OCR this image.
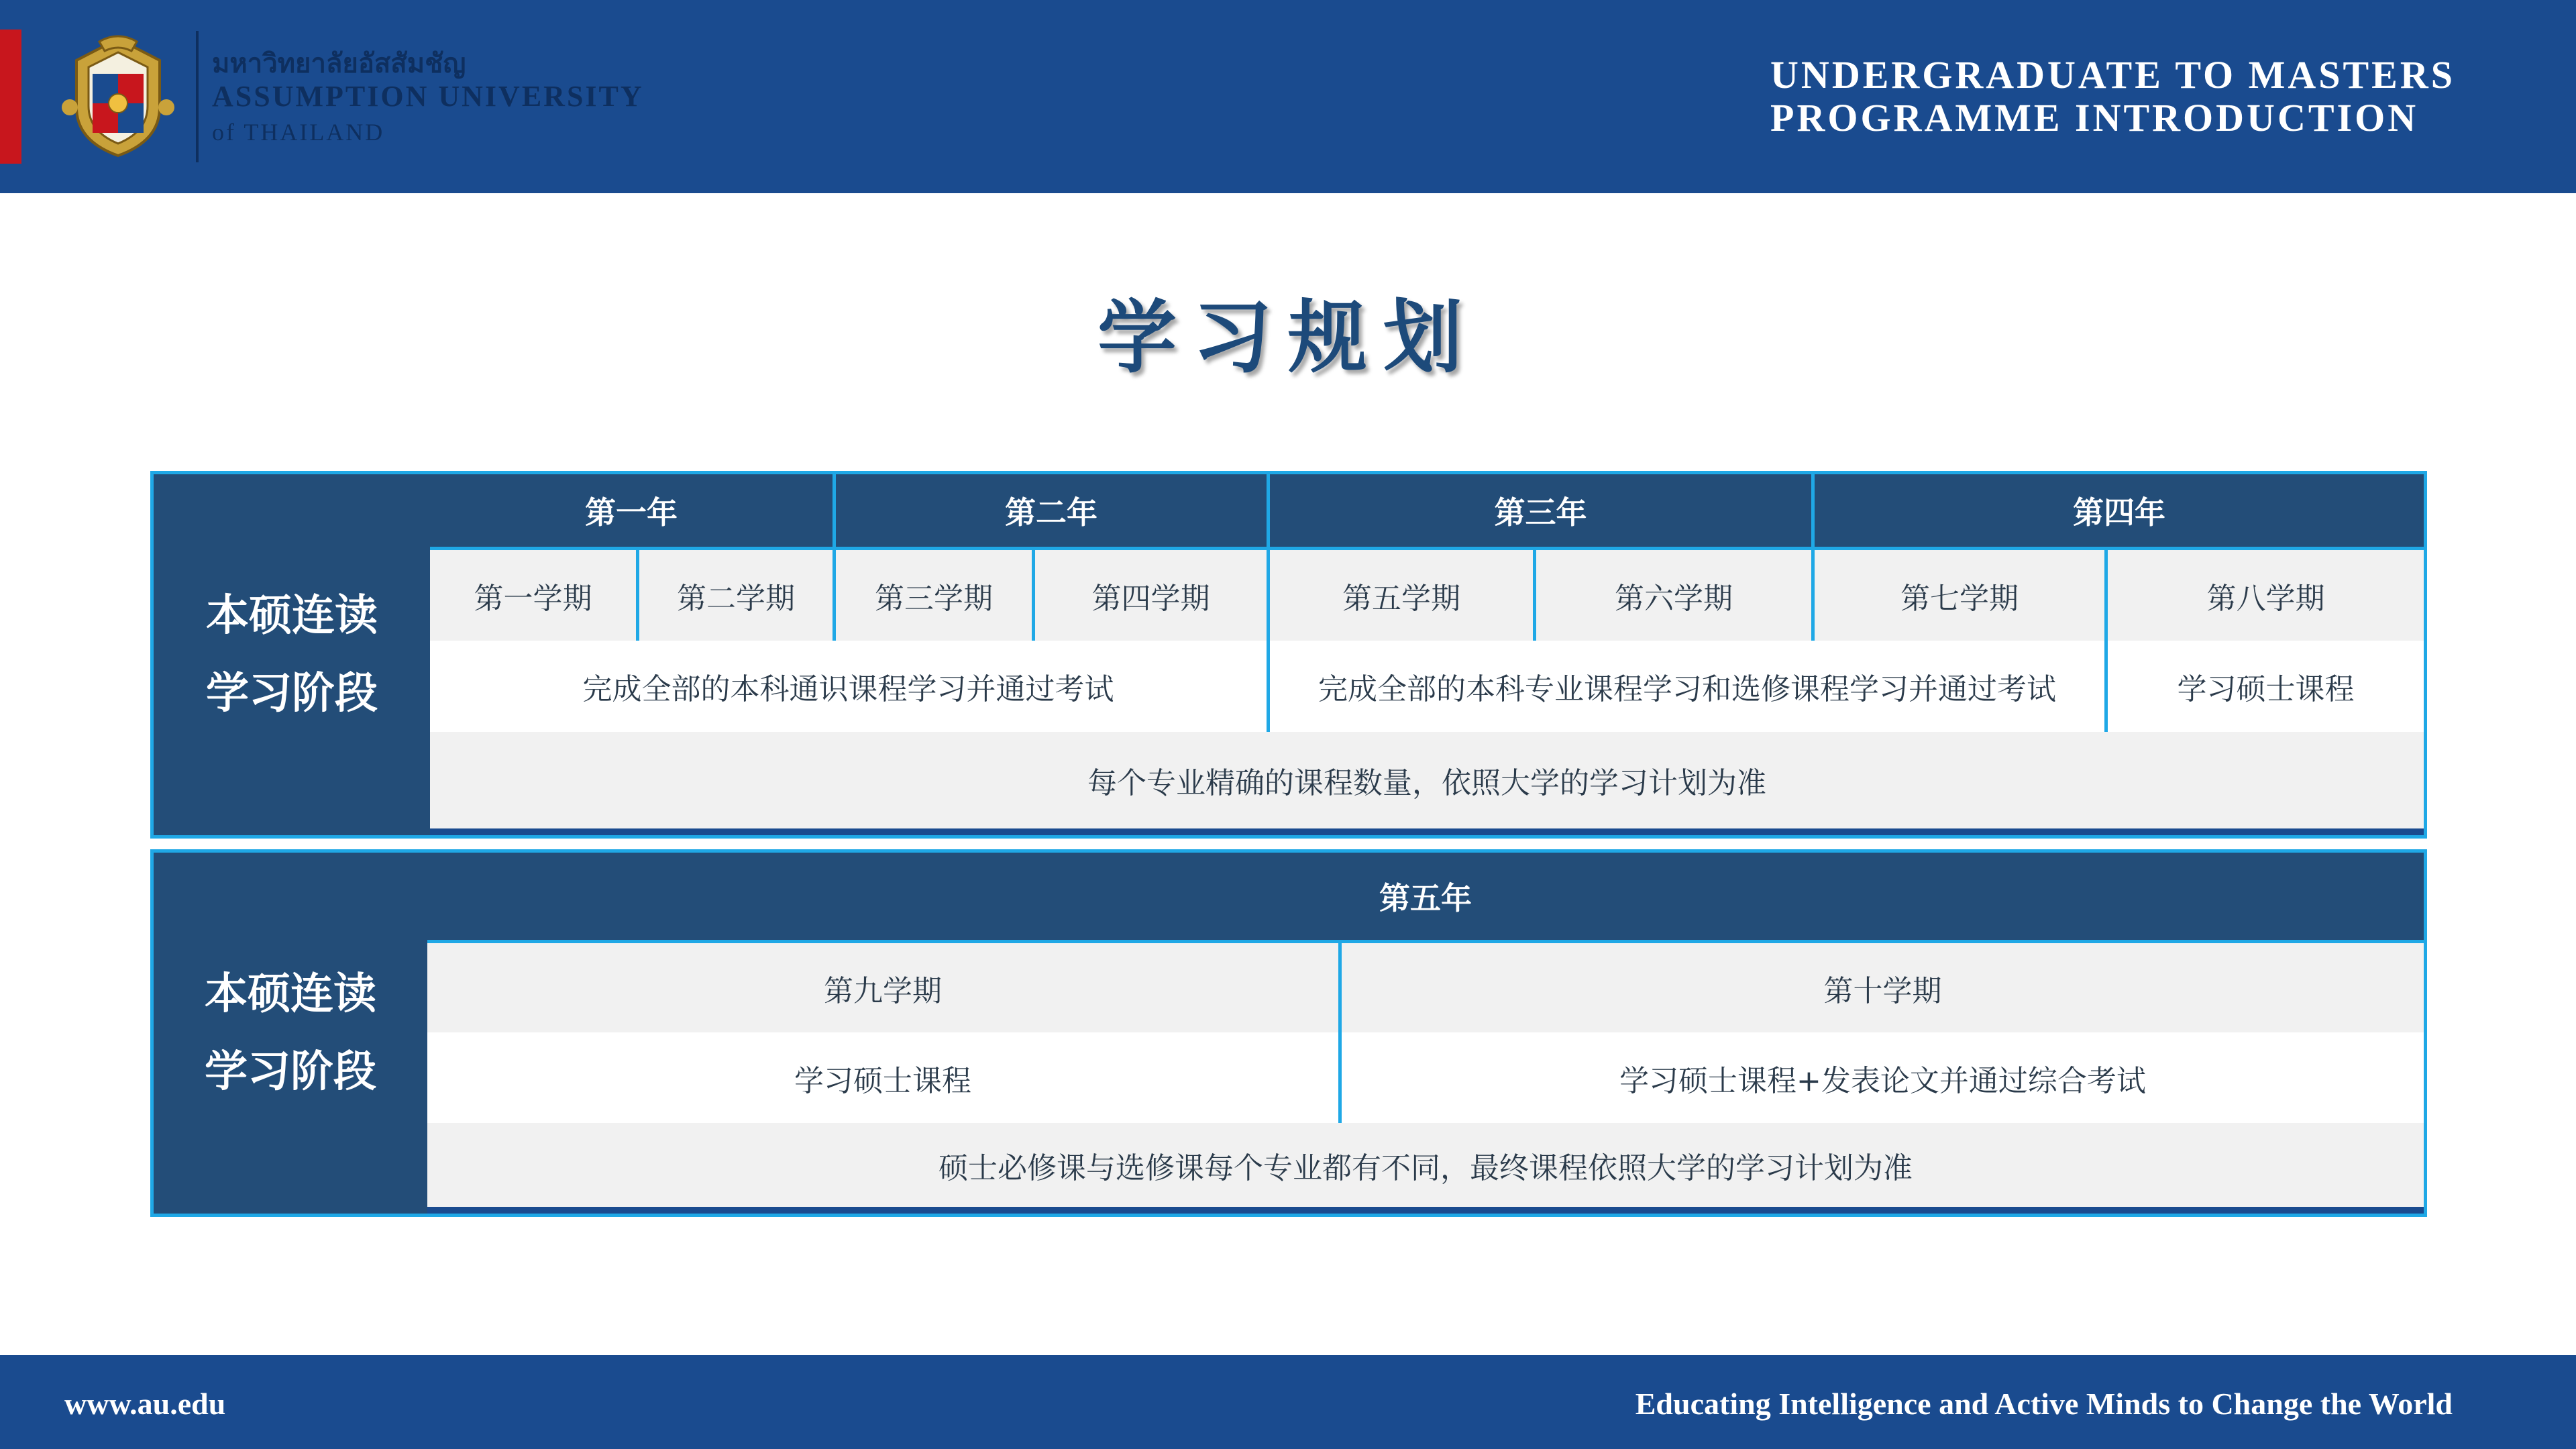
มหาวิทยาลัยอัสสัมชัญ
ASSUMPTION UNIVERSITY
of THAILAND
UNDERGRADUATE TO MASTERS
PROGRAMME INTRODUCTION
学习规划
本硕连读
学习阶段
第一年	第二年	第三年	第四年
第一学期	第二学期	第三学期	第四学期	第五学期	第六学期	第七学期	第八学期
完成全部的本科通识课程学习并通过考试	完成全部的本科专业课程学习和选修课程学习并通过考试	学习硕士课程
每个专业精确的课程数量，依照大学的学习计划为准
本硕连读
学习阶段
第五年
第九学期	第十学期
学习硕士课程	学习硕士课程+发表论文并通过综合考试
硕士必修课与选修课每个专业都有不同，最终课程依照大学的学习计划为准
www.au.edu	Educating Intelligence and Active Minds to Change the World
